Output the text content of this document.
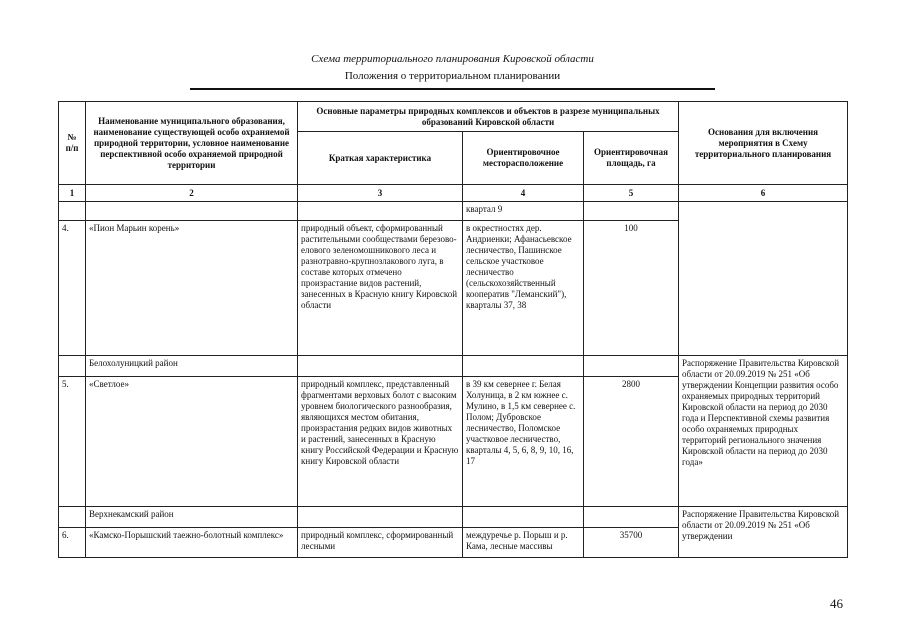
Схема территориального планирования Кировской области
Положения о территориальном планировании
№
п/п	Наименование муниципального образования, наименование существующей особо охраняемой природной территории, условное наименование перспективной особо охраняемой природной территории	Основные параметры природных комплексов и объектов в разрезе муниципальных образований Кировской области			Основания для включения мероприятия в Схему территориального планирования
		Краткая характеристика	Ориентировочное месторасположение	Ориентировочная площадь, га	
1	2	3	4	5	6
			квартал 9		
4.	«Пион Марьин корень»	природный объект, сформированный растительными сообществами березово-елового зеленомошникового леса и разнотравно-крупнозлакового луга, в составе которых отмечено произрастание видов растений, занесенных в Красную книгу Кировской области	в окрестностях дер. Андриенки; Афанасьевское лесничество, Пашинское сельское участковое лесничество (сельскохозяйственный кооператив "Леманский"), кварталы 37, 38	100	
	Белохолуницкий район				Распоряжение Правительства Кировской области от 20.09.2019 № 251 «Об утверждении Концепции развития особо охраняемых природных территорий Кировской области на период до 2030 года и Перспективной схемы развития особо охраняемых природных территорий регионального значения Кировской области на период до 2030 года»
5.	«Светлое»	природный комплекс, представленный фрагментами верховых болот с высоким уровнем биологического разнообразия, являющихся местом обитания, произрастания редких видов животных и растений, занесенных в Красную книгу Российской Федерации и Красную книгу Кировской области	в 39 км севернее г. Белая Холуница, в 2 км южнее с. Мулино, в 1,5 км севернее с. Полом; Дубровское лесничество, Поломское участковое лесничество, кварталы 4, 5, 6, 8, 9, 10, 16, 17	2800	
	Верхнекамский район				Распоряжение Правительства Кировской области от 20.09.2019 № 251 «Об утверждении
6.	«Камско-Порышский таежно-болотный комплекс»	природный комплекс, сформированный лесными	междуречье р. Порыш и р. Кама, лесные массивы	35700	
46
